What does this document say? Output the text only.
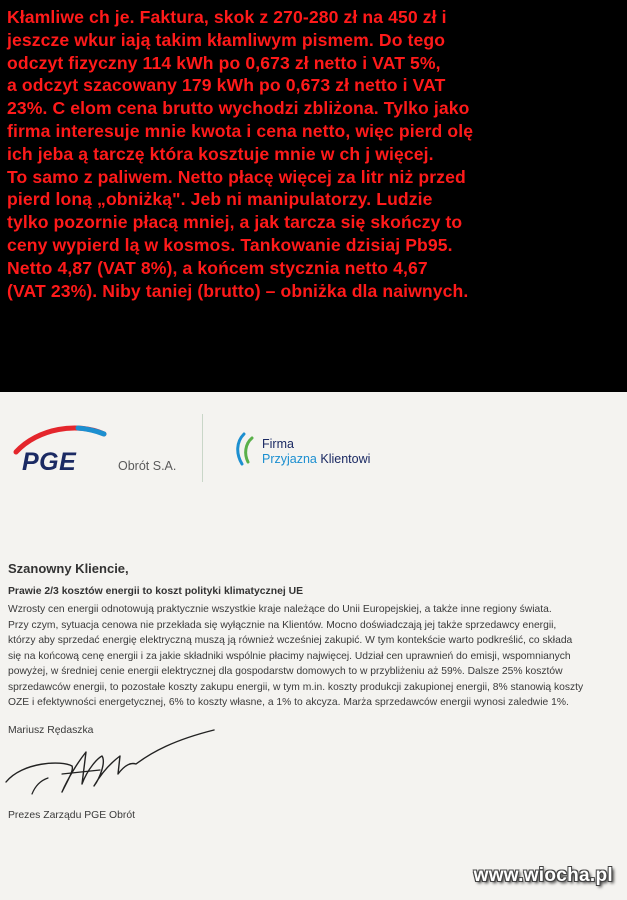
Kłamliwe ch je. Faktura, skok z 270-280 zł na 450 zł i
jeszcze wkur iają takim kłamliwym pismem. Do tego
odczyt fizyczny 114 kWh po 0,673 zł netto i VAT 5%,
a odczyt szacowany 179 kWh po 0,673 zł netto i VAT
23%. C elom cena brutto wychodzi zbliżona. Tylko jako
firma interesuje mnie kwota i cena netto, więc pierd olę
ich jeba ą tarczę która kosztuje mnie w ch j więcej.
To samo z paliwem. Netto płacę więcej za litr niż przed
pierd loną „obniżką". Jeb ni manipulatorzy. Ludzie
tylko pozornie płacą mniej, a jak tarcza się skończy to
ceny wypierd lą w kosmos. Tankowanie dzisiaj Pb95.
Netto 4,87 (VAT 8%), a końcem stycznia netto 4,67
(VAT 23%). Niby taniej (brutto) – obniżka dla naiwnych.

PGE	Obrót S.A.
Firma
Przyjazna Klientowi
Szanowny Kliencie,
Prawie 2/3 kosztów energii to koszt polityki klimatycznej UE
Wzrosty cen energii odnotowują praktycznie wszystkie kraje należące do Unii Europejskiej, a także inne regiony świata.
Przy czym, sytuacja cenowa nie przekłada się wyłącznie na Klientów. Mocno doświadczają jej także sprzedawcy energii,
którzy aby sprzedać energię elektryczną muszą ją również wcześniej zakupić. W tym kontekście warto podkreślić, co składa
się na końcową cenę energii i za jakie składniki wspólnie płacimy najwięcej. Udział cen uprawnień do emisji, wspomnianych
powyżej, w średniej cenie energii elektrycznej dla gospodarstw domowych to w przybliżeniu aż 59%. Dalsze 25% kosztów
sprzedawców energii, to pozostałe koszty zakupu energii, w tym m.in. koszty produkcji zakupionej energii, 8% stanowią koszty
OZE i efektywności energetycznej, 6% to koszty własne, a 1% to akcyza. Marża sprzedawców energii wynosi zaledwie 1%.
Mariusz Rędaszka
Prezes Zarządu PGE Obrót
www.wiocha.pl
